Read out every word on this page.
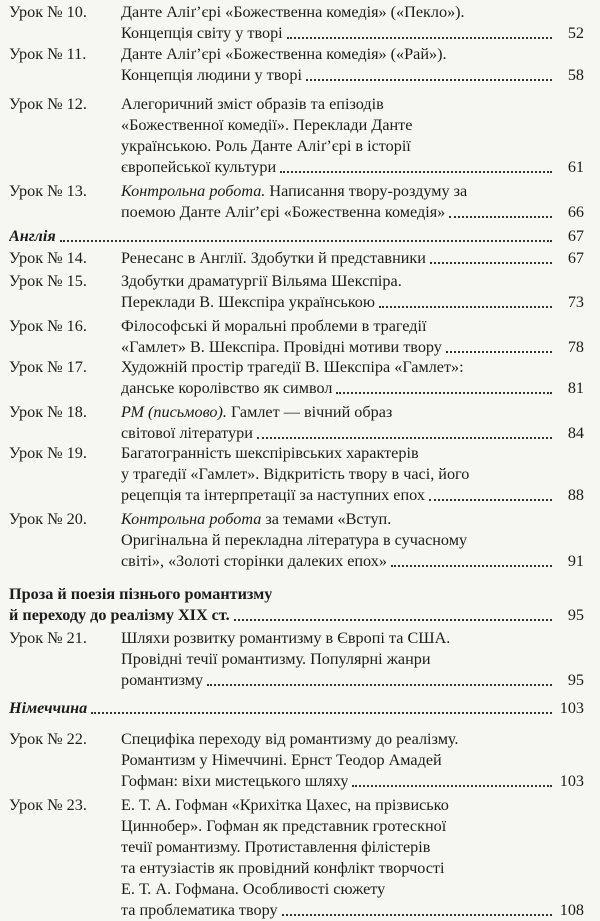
Урок № 10.	Данте Аліґ’єрі «Божественна комедія» («Пекло»).
Концепція світу у творі	52
Урок № 11.	Данте Аліґ’єрі «Божественна комедія» («Рай»).
Концепція людини у творі	58
Урок № 12.	Алегоричний зміст образів та епізодів
«Божественної комедії». Переклади Данте
українською. Роль Данте Аліґ’єрі в історії
європейської культури	61
Урок № 13.	Контрольна робота. Написання твору-роздуму за
поемою Данте Аліґ’єрі «Божественна комедія»	66
Англія	67
Урок № 14.	Ренесанс в Англії. Здобутки й представники	67
Урок № 15.	Здобутки драматургії Вільяма Шекспіра.
Переклади В. Шекспіра українською	73
Урок № 16.	Філософські й моральні проблеми в трагедії
«Гамлет» В. Шекспіра. Провідні мотиви твору	78
Урок № 17.	Художній простір трагедії В. Шекспіра «Гамлет»:
данське королівство як символ	81
Урок № 18.	РМ (письмово). Гамлет — вічний образ
світової літератури	84
Урок № 19.	Багатогранність шекспірівських характерів
у трагедії «Гамлет». Відкритість твору в часі, його
рецепція та інтерпретації за наступних епох	88
Урок № 20.	Контрольна робота за темами «Вступ.
Оригінальна й перекладна література в сучасному
світі», «Золоті сторінки далеких епох»	91
Проза й поезія пізнього романтизму
й переходу до реалізму XIX ст.	95
Урок № 21.	Шляхи розвитку романтизму в Європі та США.
Провідні течії романтизму. Популярні жанри
романтизму	95
Німеччина	103
Урок № 22.	Специфіка переходу від романтизму до реалізму.
Романтизм у Німеччині. Ернст Теодор Амадей
Гофман: віхи мистецького шляху	103
Урок № 23.	Е. Т. А. Гофман «Крихітка Цахес, на прізвисько
Циннобер». Гофман як представник гротескної
течії романтизму. Протиставлення філістерів
та ентузіастів як провідний конфлікт творчості
Е. Т. А. Гофмана. Особливості сюжету
та проблематика твору	108
